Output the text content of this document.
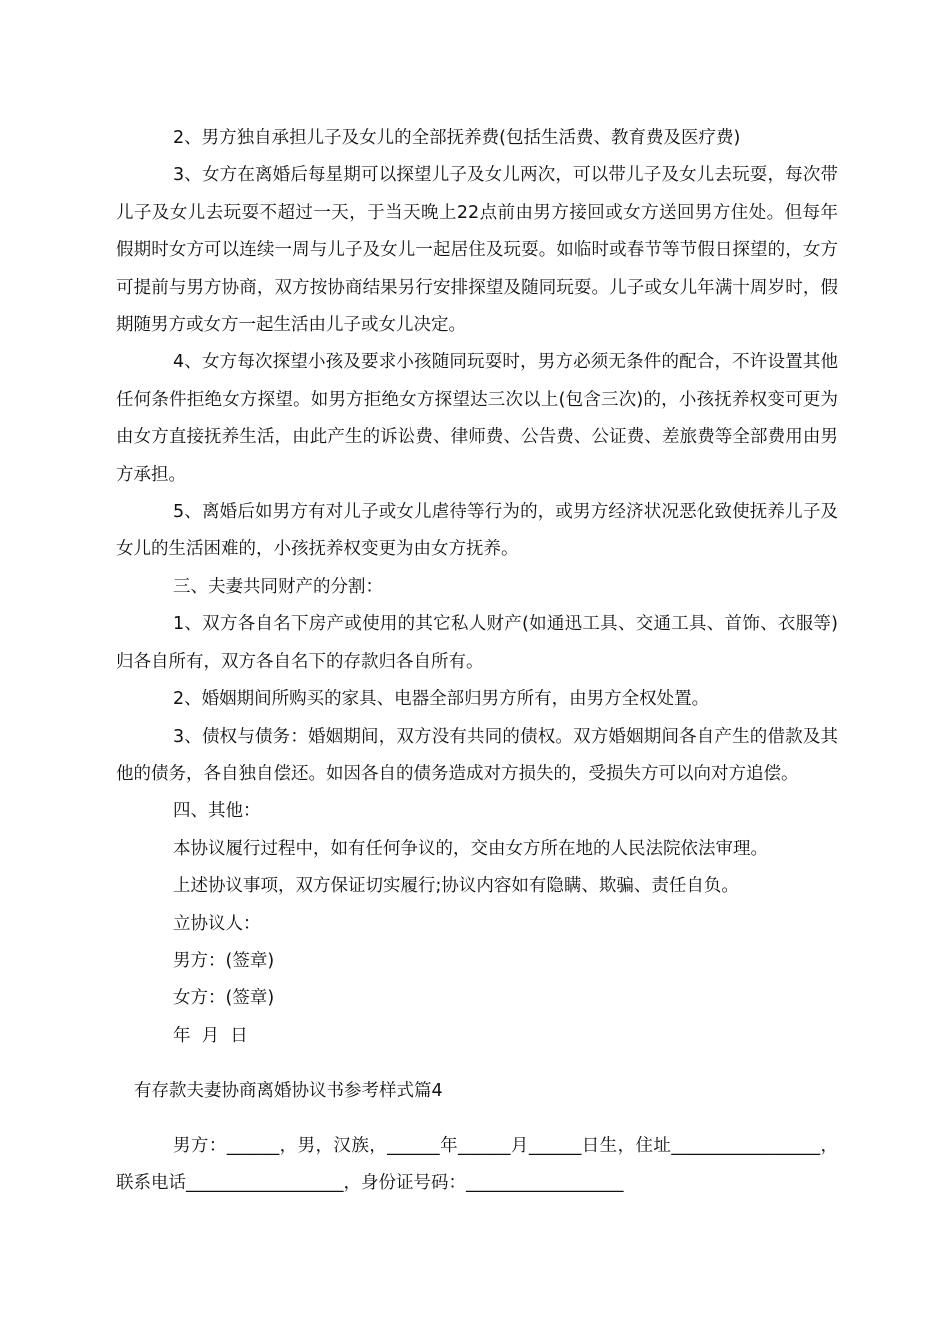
2、男方独自承担儿子及女儿的全部抚养费(包括生活费、教育费及医疗费)

3、女方在离婚后每星期可以探望儿子及女儿两次，可以带儿子及女儿去玩耍，每次带儿子及女儿去玩耍不超过一天，于当天晚上22点前由男方接回或女方送回男方住处。但每年假期时女方可以连续一周与儿子及女儿一起居住及玩耍。如临时或春节等节假日探望的，女方可提前与男方协商，双方按协商结果另行安排探望及随同玩耍。儿子或女儿年满十周岁时，假期随男方或女方一起生活由儿子或女儿决定。

4、女方每次探望小孩及要求小孩随同玩耍时，男方必须无条件的配合，不许设置其他任何条件拒绝女方探望。如男方拒绝女方探望达三次以上(包含三次)的，小孩抚养权变可更为由女方直接抚养生活，由此产生的诉讼费、律师费、公告费、公证费、差旅费等全部费用由男方承担。

5、离婚后如男方有对儿子或女儿虐待等行为的，或男方经济状况恶化致使抚养儿子及女儿的生活困难的，小孩抚养权变更为由女方抚养。

三、夫妻共同财产的分割：

1、双方各自名下房产或使用的其它私人财产(如通迅工具、交通工具、首饰、衣服等)归各自所有，双方各自名下的存款归各自所有。

2、婚姻期间所购买的家具、电器全部归男方所有，由男方全权处置。

3、债权与债务：婚姻期间，双方没有共同的债权。双方婚姻期间各自产生的借款及其他的债务，各自独自偿还。如因各自的债务造成对方损失的，受损失方可以向对方追偿。

四、其他：

本协议履行过程中，如有任何争议的，交由女方所在地的人民法院依法审理。

上述协议事项，双方保证切实履行;协议内容如有隐瞒、欺骗、责任自负。

立协议人：

男方：(签章)

女方：(签章)

年  月  日

有存款夫妻协商离婚协议书参考样式篇4

男方：______，男，汉族，______年______月______日生，住址_________________，联系电话__________________，身份证号码：__________________
